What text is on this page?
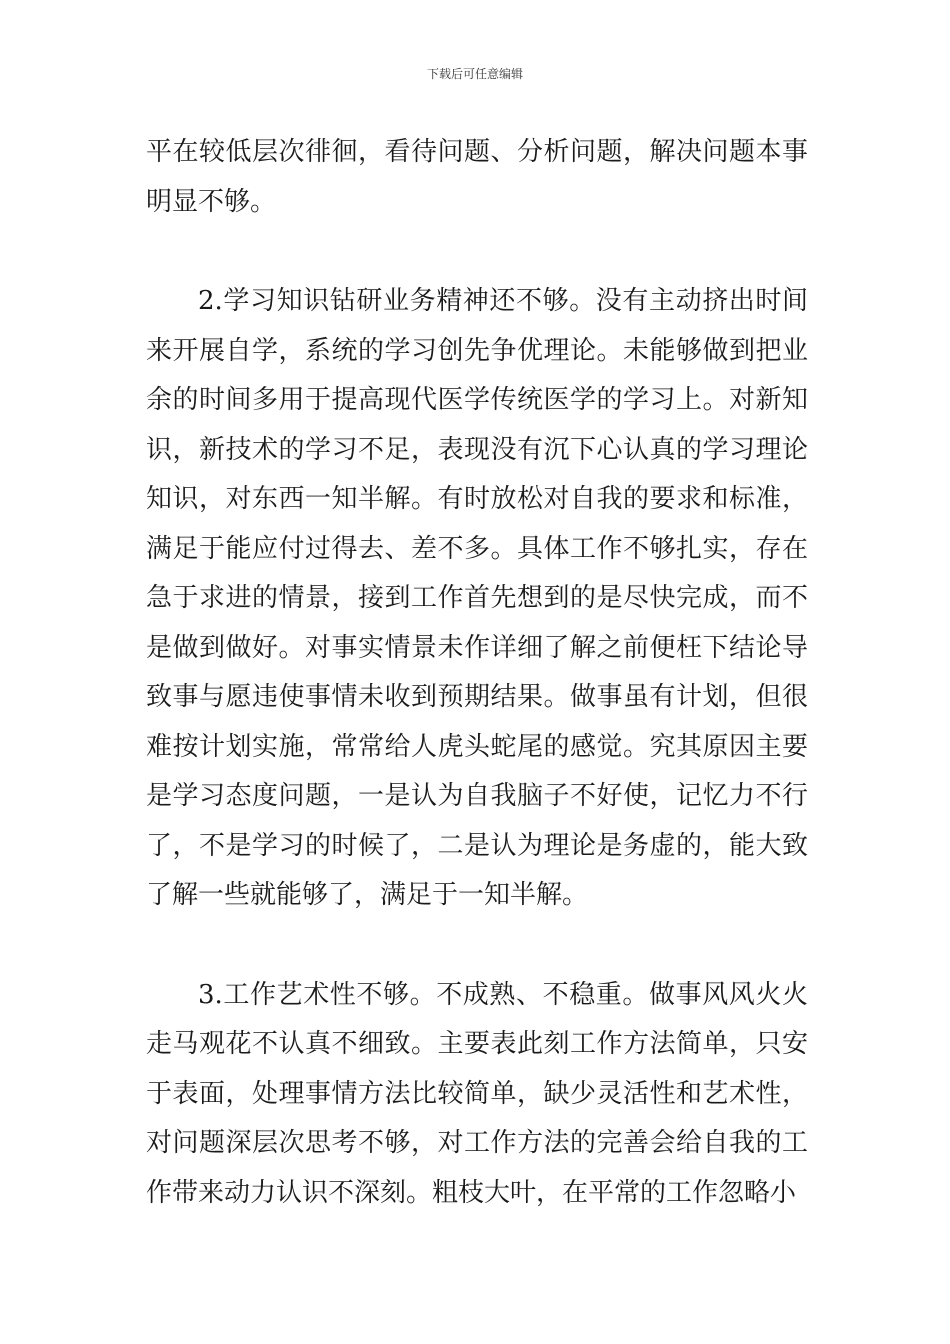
下载后可任意编辑

平在较低层次徘徊，看待问题、分析问题，解决问题本事明显不够。

2.学习知识钻研业务精神还不够。没有主动挤出时间来开展自学，系统的学习创先争优理论。未能够做到把业余的时间多用于提高现代医学传统医学的学习上。对新知识，新技术的学习不足，表现没有沉下心认真的学习理论知识，对东西一知半解。有时放松对自我的要求和标准，满足于能应付过得去、差不多。具体工作不够扎实，存在急于求进的情景，接到工作首先想到的是尽快完成，而不是做到做好。对事实情景未作详细了解之前便枉下结论导致事与愿违使事情未收到预期结果。做事虽有计划，但很难按计划实施，常常给人虎头蛇尾的感觉。究其原因主要是学习态度问题，一是认为自我脑子不好使，记忆力不行了，不是学习的时候了，二是认为理论是务虚的，能大致了解一些就能够了，满足于一知半解。

3.工作艺术性不够。不成熟、不稳重。做事风风火火走马观花不认真不细致。主要表此刻工作方法简单，只安于表面，处理事情方法比较简单，缺少灵活性和艺术性，对问题深层次思考不够，对工作方法的完善会给自我的工作带来动力认识不深刻。粗枝大叶，在平常的工作忽略小
